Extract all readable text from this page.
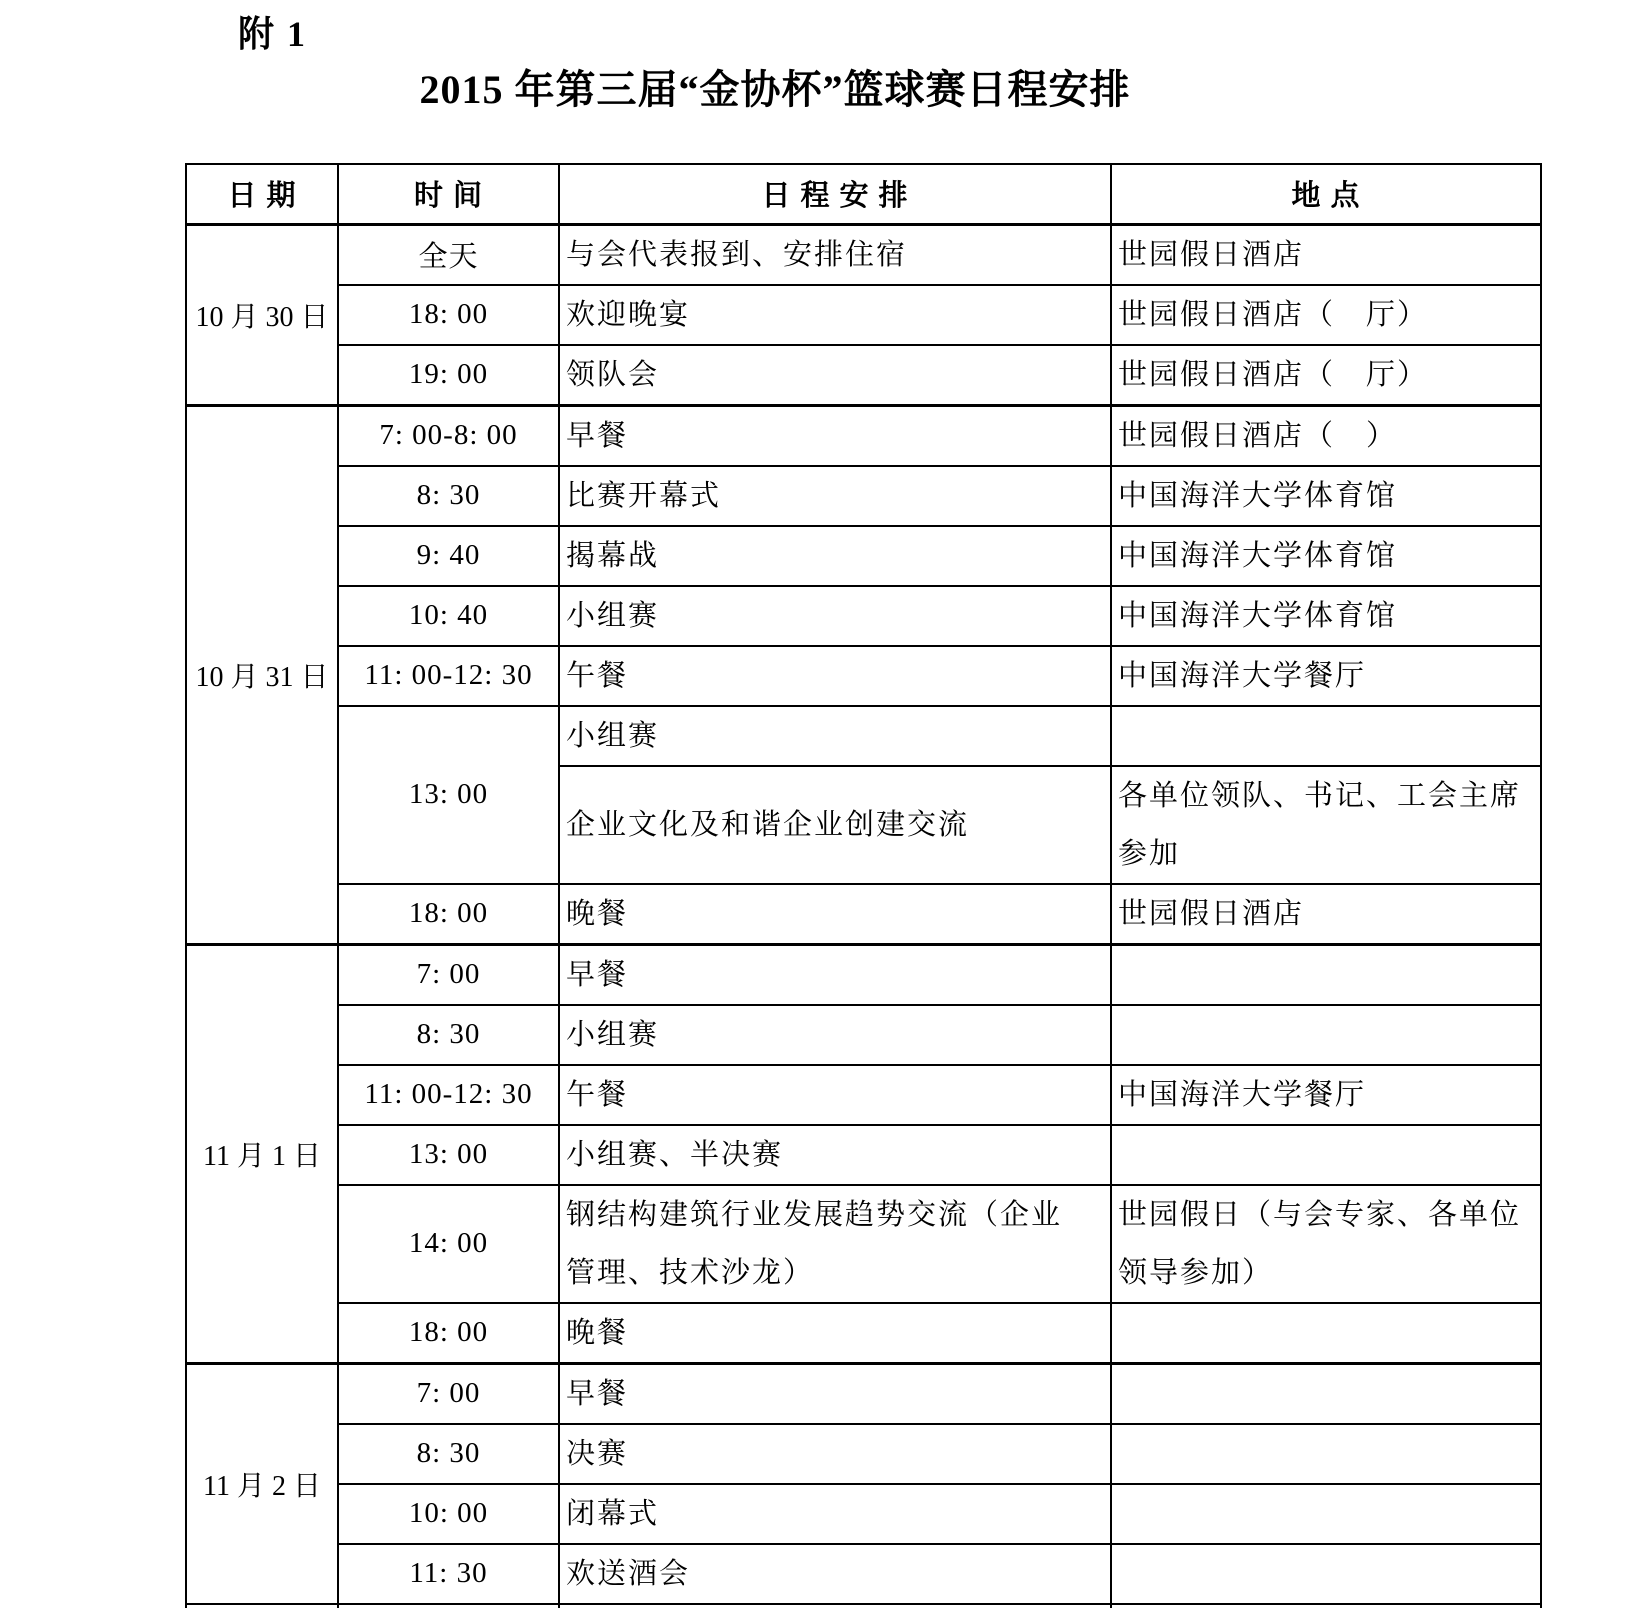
附 1
2015 年第三届“金协杯”篮球赛日程安排
日期	时间	日程安排	地点
10 月 30 日	全天	与会代表报到、安排住宿	世园假日酒店
	18: 00	欢迎晚宴	世园假日酒店（　厅）
	19: 00	领队会	世园假日酒店（　厅）
10 月 31 日	7: 00-8: 00	早餐	世园假日酒店（　）
	8: 30	比赛开幕式	中国海洋大学体育馆
	9: 40	揭幕战	中国海洋大学体育馆
	10: 40	小组赛	中国海洋大学体育馆
	11: 00-12: 30	午餐	中国海洋大学餐厅
	13: 00	小组赛	
		企业文化及和谐企业创建交流	各单位领队、书记、工会主席参加
	18: 00	晚餐	世园假日酒店
11 月 1 日	7: 00	早餐	
	8: 30	小组赛	
	11: 00-12: 30	午餐	中国海洋大学餐厅
	13: 00	小组赛、半决赛	
	14: 00	钢结构建筑行业发展趋势交流（企业管理、技术沙龙）	世园假日（与会专家、各单位领导参加）
	18: 00	晚餐	
11 月 2 日	7: 00	早餐	
	8: 30	决赛	
	10: 00	闭幕式	
	11: 30	欢送酒会	
